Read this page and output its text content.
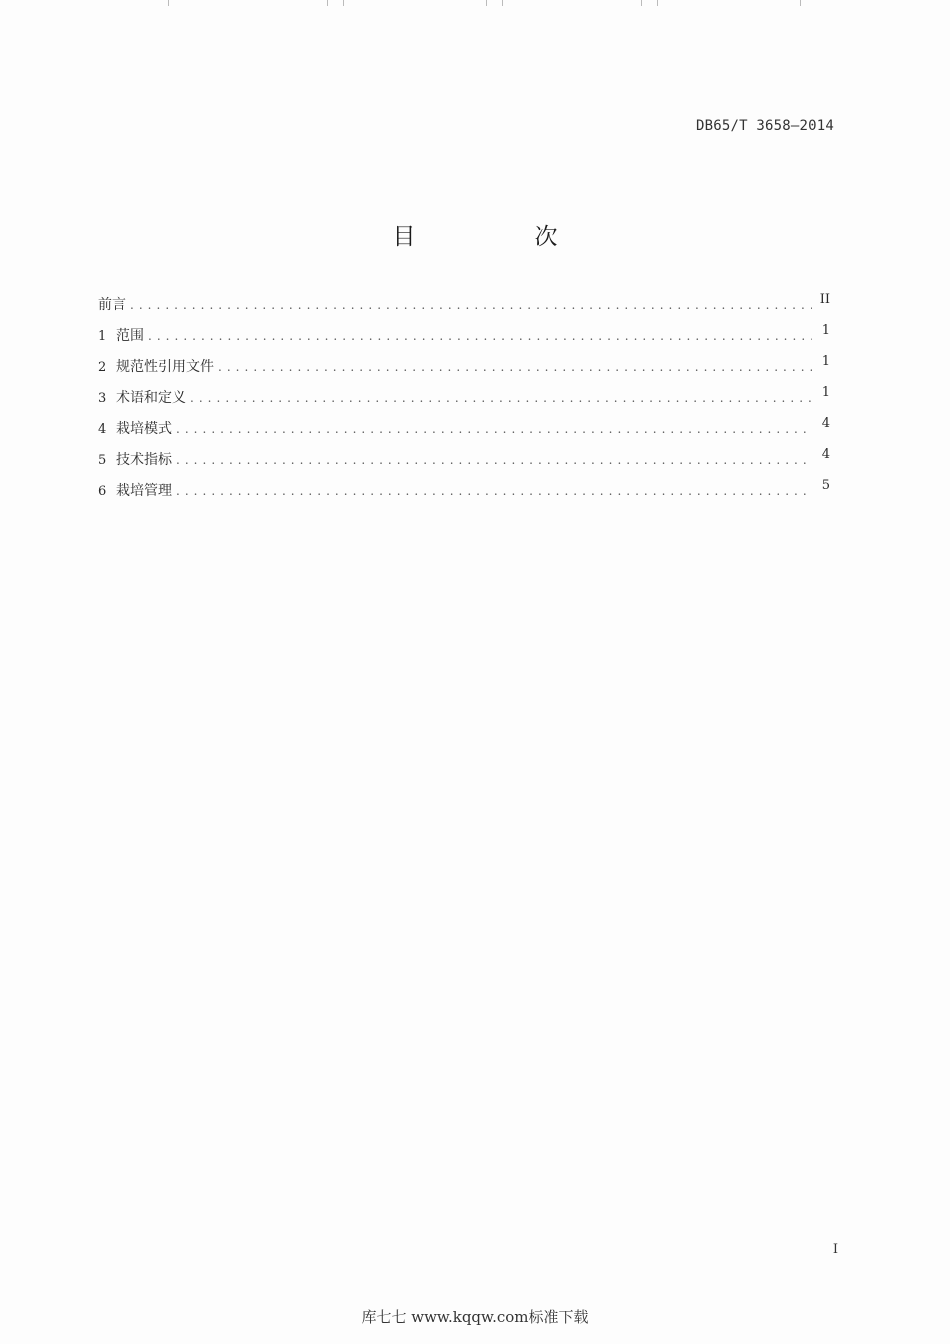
DB65/T 3658—2014
目　次
前言 . . .	II
1 范围 . . .	1
2 规范性引用文件 . . .	1
3 术语和定义 . . .	1
4 栽培模式 . . .	4
5 技术指标 . . .	4
6 栽培管理 . . .	5
I
库七七 www.kqqw.com标准下载
